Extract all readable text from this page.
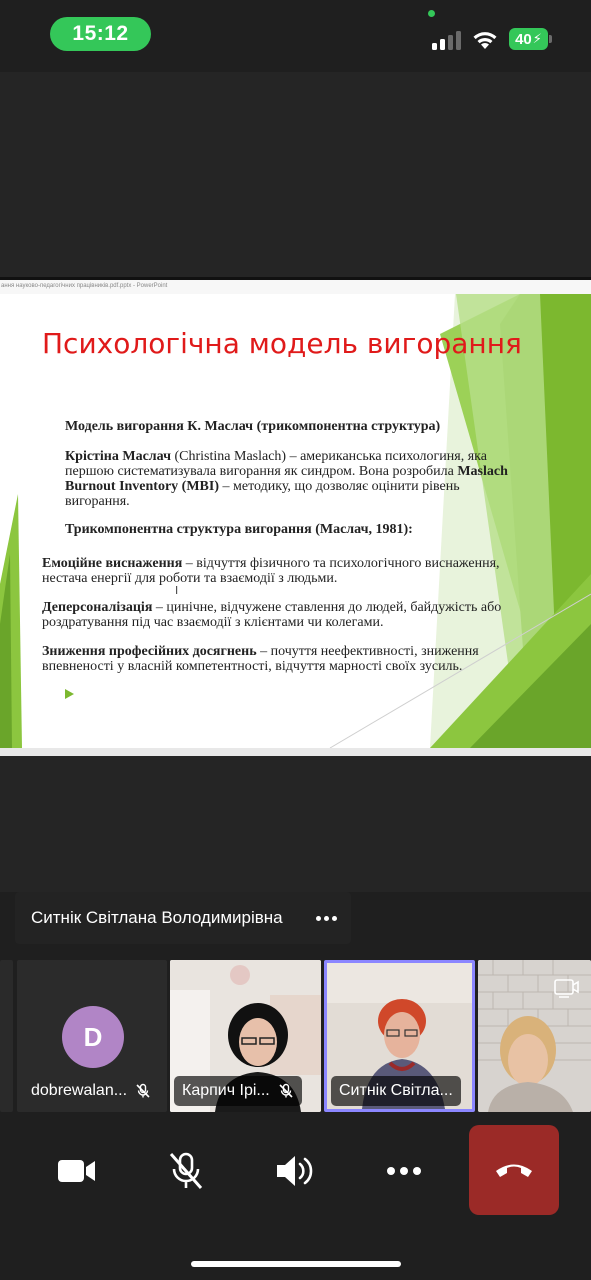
15:12	40 ⚡
ання науково-педагогічних працівників.pdf.pptx - PowerPoint
Психологічна модель вигорання
Модель вигорання К. Маслач (трикомпонентна структура)
Крістіна Маслач (Christina Maslach) – американська психологиня, яка
першою систематизувала вигорання як синдром. Вона розробила Maslach
Burnout Inventory (MBI) – методику, що дозволяє оцінити рівень
вигорання.
Трикомпонентна структура вигорання (Маслач, 1981):
Емоційне виснаження – відчуття фізичного та психологічного виснаження,
нестача енергії для роботи та взаємодії з людьми.
Деперсоналізація – цинічне, відчужене ставлення до людей, байдужість або
роздратування під час взаємодії з клієнтами чи колегами.
Зниження професійних досягнень – почуття неефективності, зниження
впевненості у власній компетентності, відчуття марності своїх зусиль.
I
Ситнік Світлана Володимирівна
D
dobrewalan...	Карпич Ірі...	Ситнік Світла...
